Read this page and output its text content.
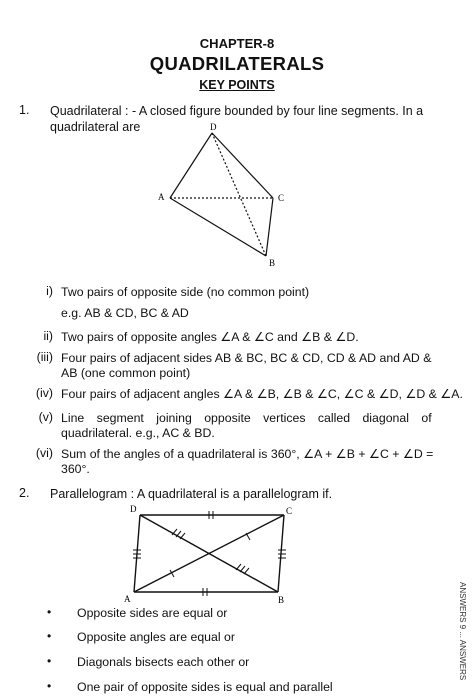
CHAPTER-8
QUADRILATERALS
KEY POINTS
1. Quadrilateral : - A closed figure bounded by four line segments. In a
quadrilateral are	D
A	C
B
i) Two pairs of opposite side (no common point)
e.g. AB & CD, BC & AD
ii) Two pairs of opposite angles ∠A & ∠C and ∠B & ∠D.
(iii) Four pairs of adjacent sides AB & BC, BC & CD, CD & AD and AD &
AB (one common point)
(iv) Four pairs of adjacent angles ∠A & ∠B, ∠B & ∠C, ∠C & ∠D, ∠D & ∠A.
(v) Line segment joining opposite vertices called diagonal of
quadrilateral. e.g., AC & BD.
(vi) Sum of the angles of a quadrilateral is 360°, ∠A + ∠B + ∠C + ∠D =
360°.
2. Parallelogram : A quadrilateral is a parallelogram if.
D	C
A	B
• Opposite sides are equal or
• Opposite angles are equal or
• Diagonals bisects each other or
• One pair of opposite sides is equal and parallel
ANSWERS 9 ... ANSWERS
